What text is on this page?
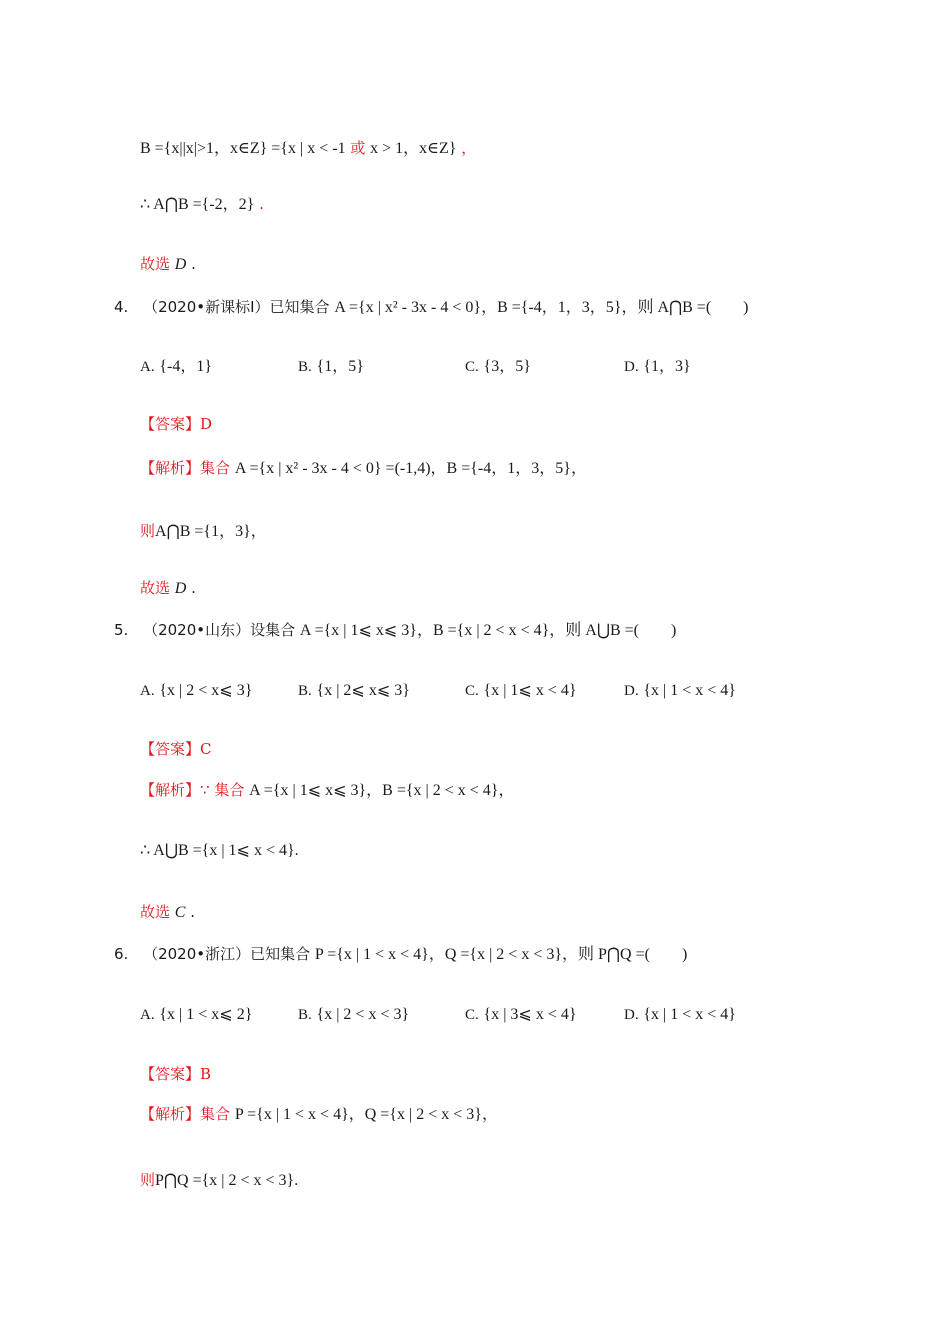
B ={x||x|>1，x∈Z} ={x | x < -1 或 x > 1，x∈Z} ，
∴ A⋂B ={-2，2} .
故选 D .
4. （2020•新课标Ⅰ）已知集合 A ={x | x² - 3x - 4 < 0}，B ={-4，1，3，5}，则 A⋂B =(　　)
A. {-4，1}	B. {1，5}	C. {3，5}	D. {1，3}
【答案】D
【解析】集合 A ={x | x² - 3x - 4 < 0} =(-1,4)，B ={-4，1，3，5}，
则A⋂B ={1，3}，
故选 D .
5. （2020•山东）设集合 A ={x | 1⩽ x⩽ 3}，B ={x | 2 < x < 4}，则 A⋃B =(　　)
A. {x | 2 < x⩽ 3}	B. {x | 2⩽ x⩽ 3}	C. {x | 1⩽ x < 4}	D. {x | 1 < x < 4}
【答案】C
【解析】∵ 集合 A ={x | 1⩽ x⩽ 3}，B ={x | 2 < x < 4}，
∴ A⋃B ={x | 1⩽ x < 4}.
故选 C .
6. （2020•浙江）已知集合 P ={x | 1 < x < 4}，Q ={x | 2 < x < 3}，则 P⋂Q =(　　)
A. {x | 1 < x⩽ 2}	B. {x | 2 < x < 3}	C. {x | 3⩽ x < 4}	D. {x | 1 < x < 4}
【答案】B
【解析】集合 P ={x | 1 < x < 4}，Q ={x | 2 < x < 3}，
则P⋂Q ={x | 2 < x < 3}.
